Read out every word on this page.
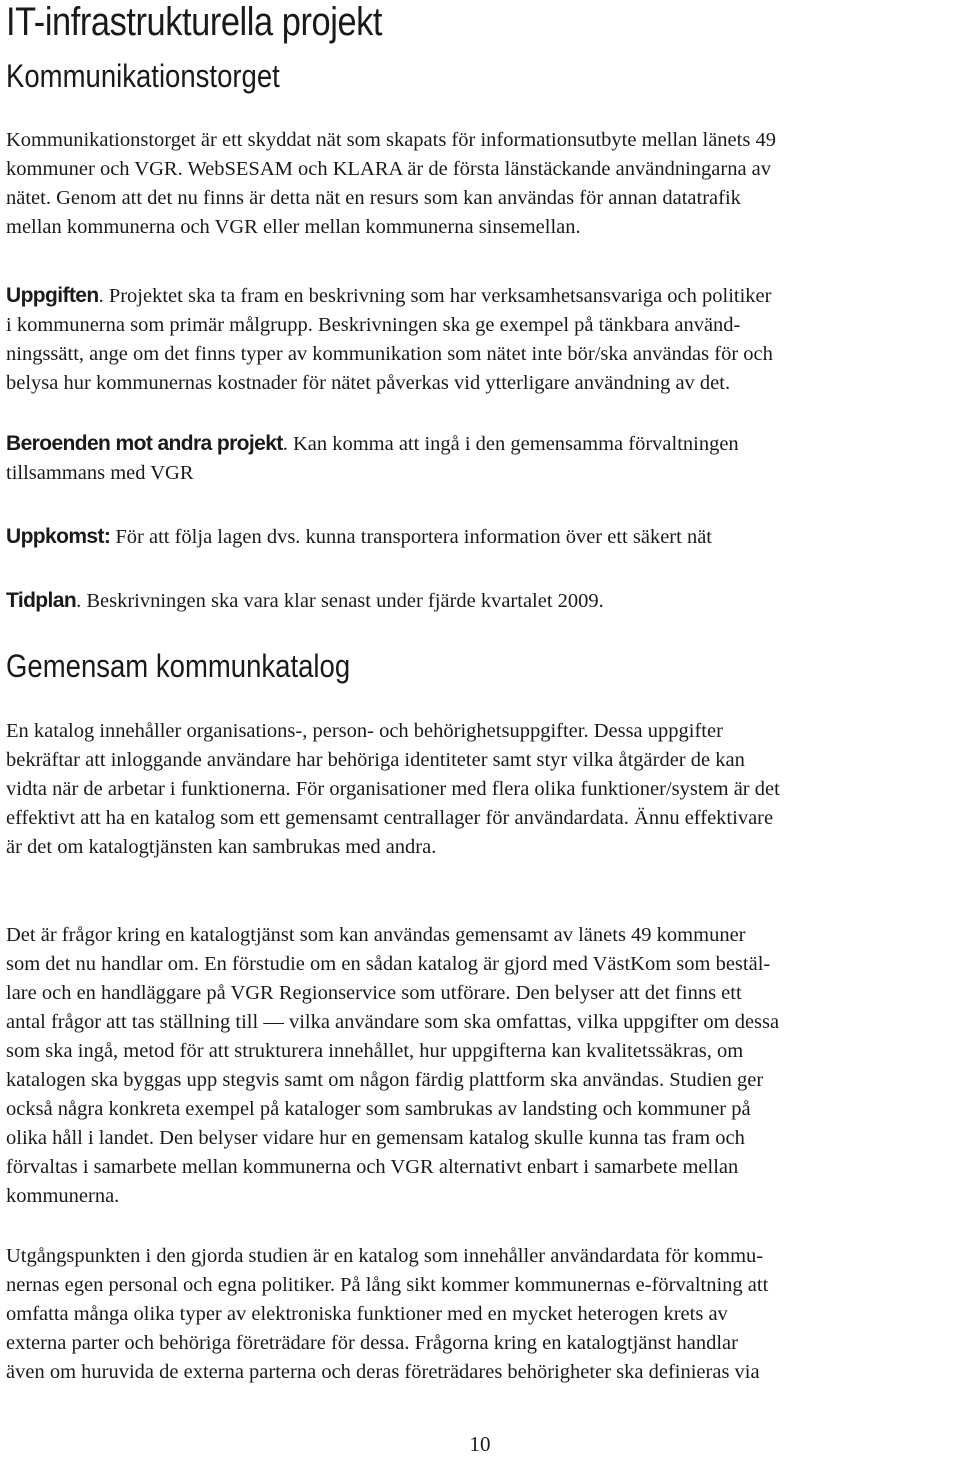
IT-infrastrukturella projekt
Kommunikationstorget

Kommunikationstorget är ett skyddat nät som skapats för informationsutbyte mellan länets 49
kommuner och VGR. WebSESAM och KLARA är de första länstäckande användningarna av
nätet. Genom att det nu finns är detta nät en resurs som kan användas för annan datatrafik
mellan kommunerna och VGR eller mellan kommunerna sinsemellan.

Uppgiften. Projektet ska ta fram en beskrivning som har verksamhetsansvariga och politiker
i kommunerna som primär målgrupp. Beskrivningen ska ge exempel på tänkbara använd-
ningssätt, ange om det finns typer av kommunikation som nätet inte bör/ska användas för och
belysa hur kommunernas kostnader för nätet påverkas vid ytterligare användning av det.

Beroenden mot andra projekt. Kan komma att ingå i den gemensamma förvaltningen
tillsammans med VGR

Uppkomst: För att följa lagen dvs. kunna transportera information över ett säkert nät

Tidplan. Beskrivningen ska vara klar senast under fjärde kvartalet 2009.

Gemensam kommunkatalog

En katalog innehåller organisations-, person- och behörighetsuppgifter. Dessa uppgifter
bekräftar att inloggande användare har behöriga identiteter samt styr vilka åtgärder de kan
vidta när de arbetar i funktionerna. För organisationer med flera olika funktioner/system är det
effektivt att ha en katalog som ett gemensamt centrallager för användardata. Ännu effektivare
är det om katalogtjänsten kan sambrukas med andra.

Det är frågor kring en katalogtjänst som kan användas gemensamt av länets 49 kommuner
som det nu handlar om. En förstudie om en sådan katalog är gjord med VästKom som bestäl-
lare och en handläggare på VGR Regionservice som utförare. Den belyser att det finns ett
antal frågor att tas ställning till — vilka användare som ska omfattas, vilka uppgifter om dessa
som ska ingå, metod för att strukturera innehållet, hur uppgifterna kan kvalitetssäkras, om
katalogen ska byggas upp stegvis samt om någon färdig plattform ska användas. Studien ger
också några konkreta exempel på kataloger som sambrukas av landsting och kommuner på
olika håll i landet. Den belyser vidare hur en gemensam katalog skulle kunna tas fram och
förvaltas i samarbete mellan kommunerna och VGR alternativt enbart i samarbete mellan
kommunerna.

Utgångspunkten i den gjorda studien är en katalog som innehåller användardata för kommu-
nernas egen personal och egna politiker. På lång sikt kommer kommunernas e-förvaltning att
omfatta många olika typer av elektroniska funktioner med en mycket heterogen krets av
externa parter och behöriga företrädare för dessa. Frågorna kring en katalogtjänst handlar
även om huruvida de externa parterna och deras företrädares behörigheter ska definieras via

10
